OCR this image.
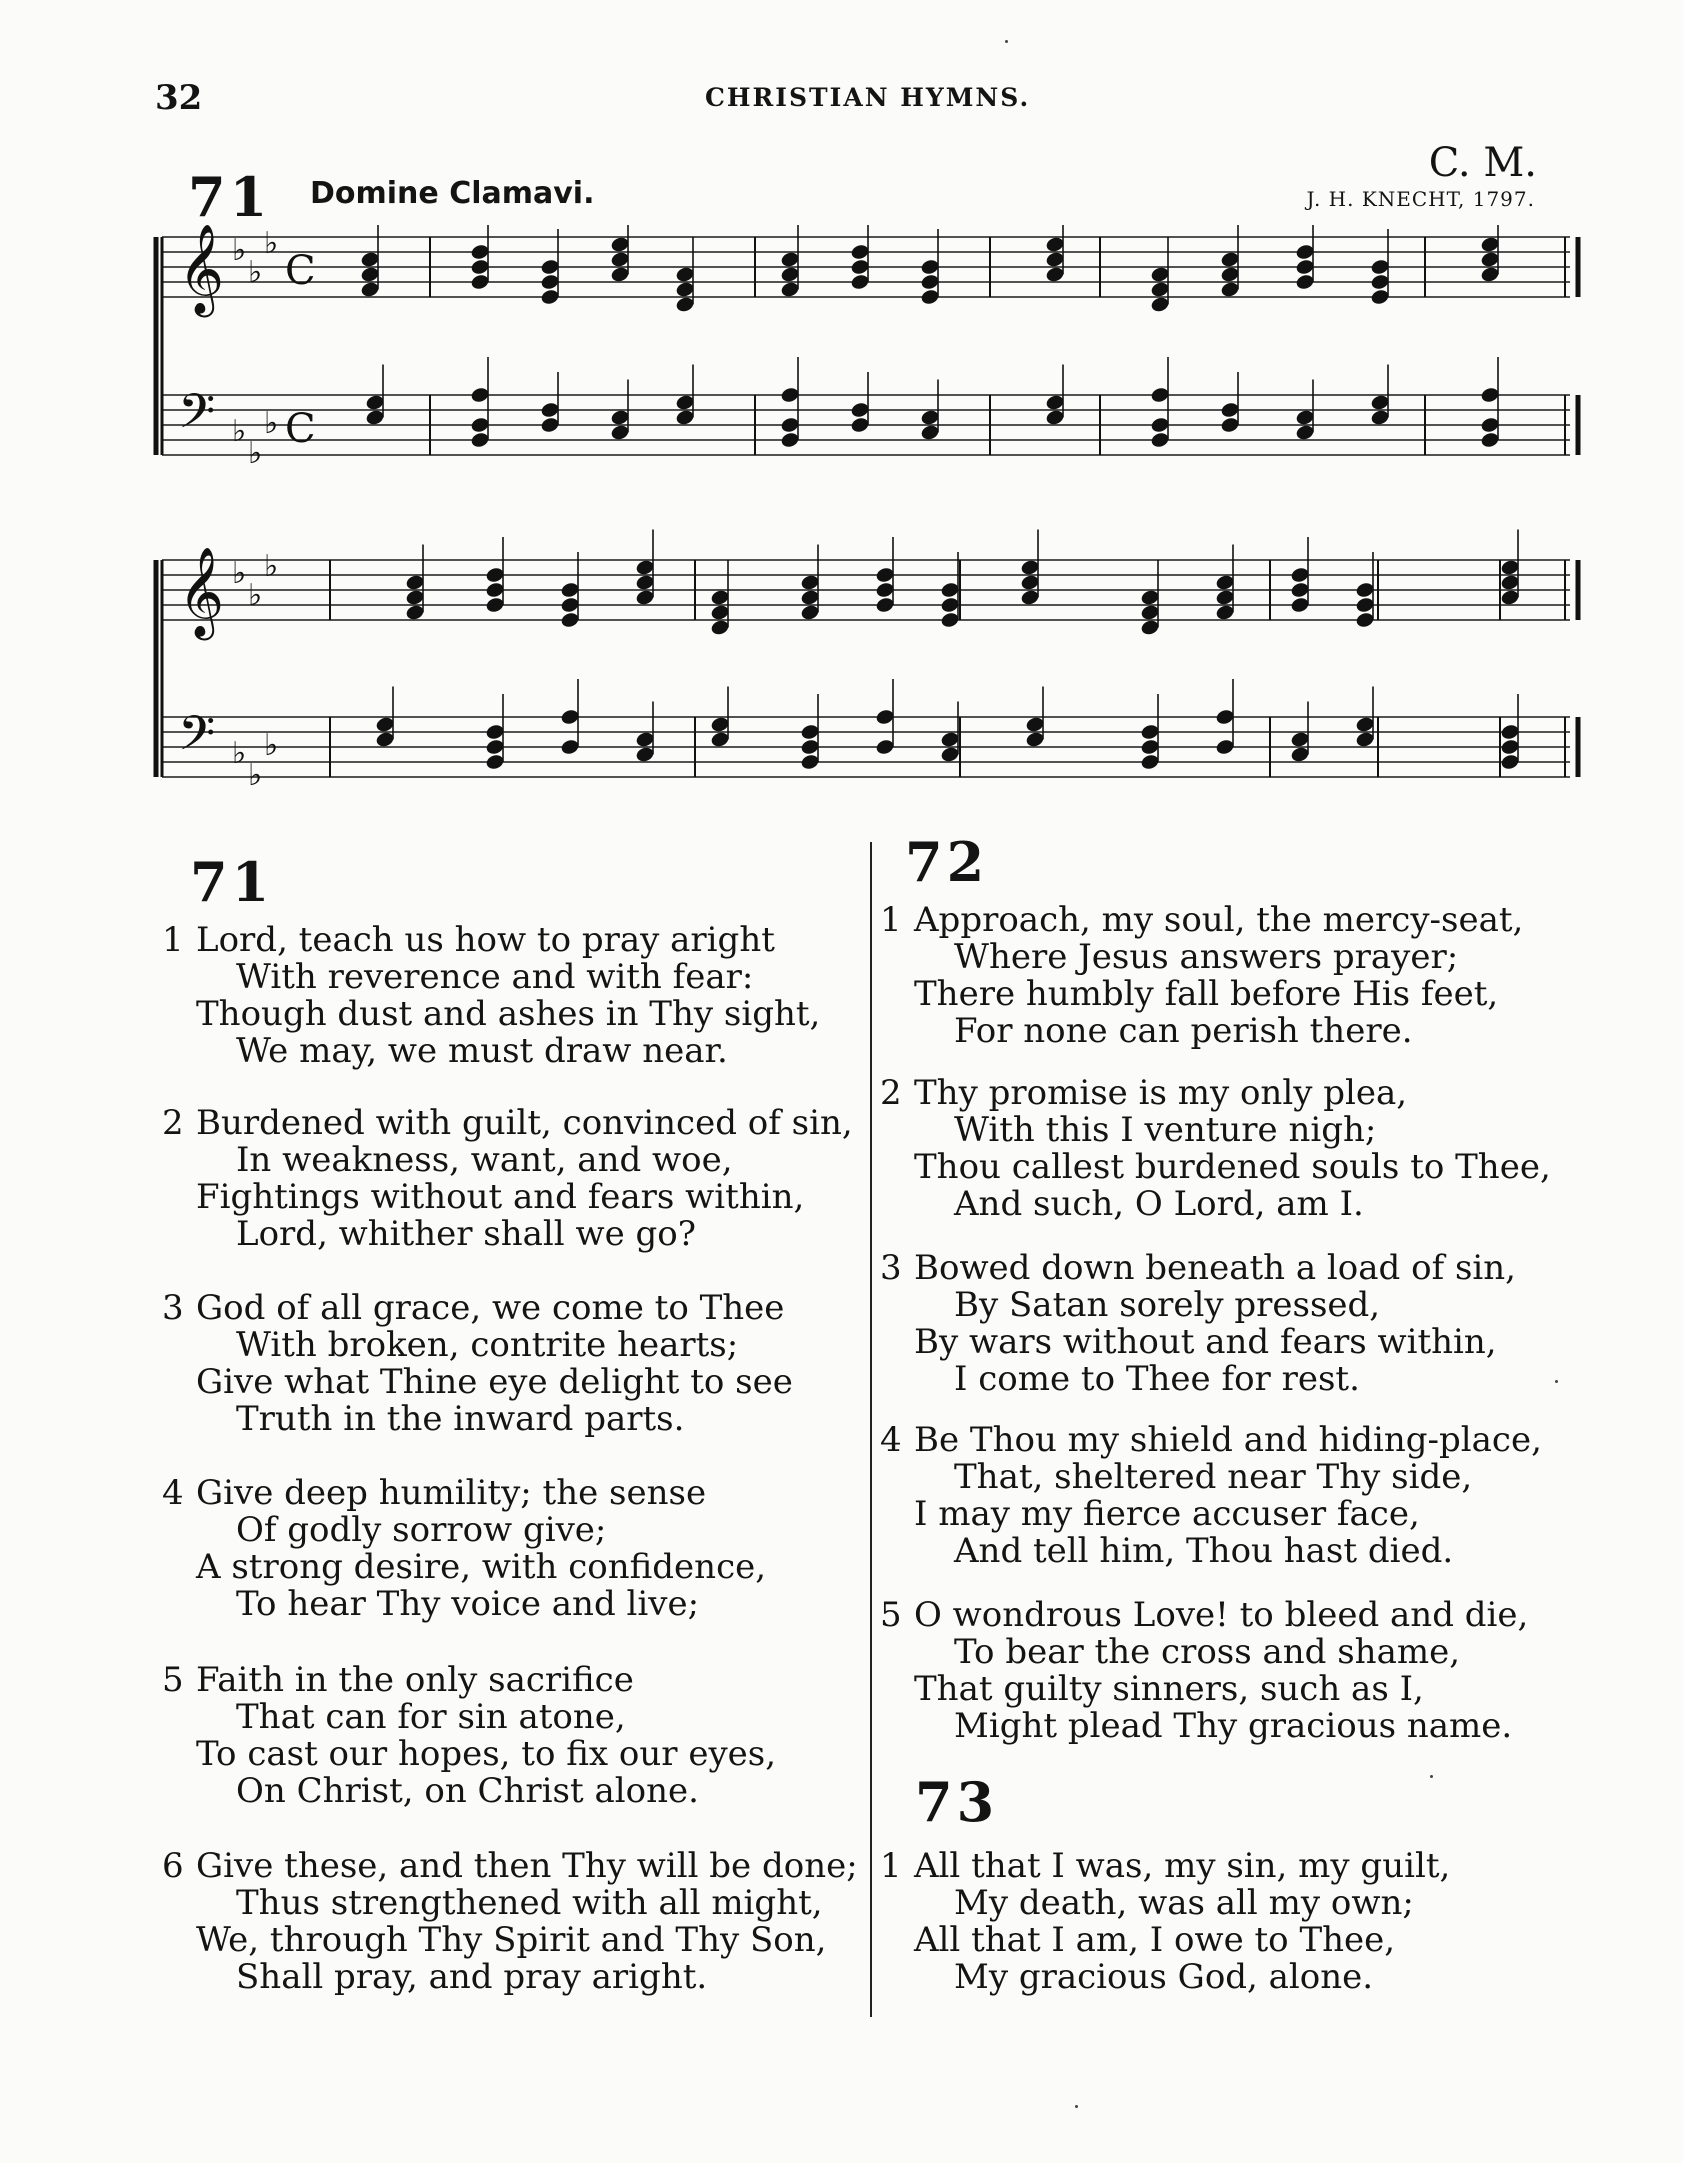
32	CHRISTIAN HYMNS.
71 Domine Clamavi.
C. M.
J. H. KNECHT, 1797.
𝄞 ♭
♭
♭
C
𝄢 ♭
♭
♭ C
𝄞 ♭
♭
♭
𝄢 ♭
♭
♭
71
1 Lord, teach us how to pray aright
With reverence and with fear:
Though dust and ashes in Thy sight,
We may, we must draw near.
2 Burdened with guilt, convinced of sin,
In weakness, want, and woe,
Fightings without and fears within,
Lord, whither shall we go?
3 God of all grace, we come to Thee
With broken, contrite hearts;
Give what Thine eye delight to see
Truth in the inward parts.
4 Give deep humility; the sense
Of godly sorrow give;
A strong desire, with confidence,
To hear Thy voice and live;
5 Faith in the only sacrifice
That can for sin atone,
To cast our hopes, to fix our eyes,
On Christ, on Christ alone.
6 Give these, and then Thy will be done;
Thus strengthened with all might,
We, through Thy Spirit and Thy Son,
Shall pray, and pray aright.
72
1 Approach, my soul, the mercy-seat,
Where Jesus answers prayer;
There humbly fall before His feet,
For none can perish there.
2 Thy promise is my only plea,
With this I venture nigh;
Thou callest burdened souls to Thee,
And such, O Lord, am I.
3 Bowed down beneath a load of sin,
By Satan sorely pressed,
By wars without and fears within,
I come to Thee for rest.
4 Be Thou my shield and hiding-place,
That, sheltered near Thy side,
I may my fierce accuser face,
And tell him, Thou hast died.
5 O wondrous Love! to bleed and die,
To bear the cross and shame,
That guilty sinners, such as I,
Might plead Thy gracious name.
73
1 All that I was, my sin, my guilt,
My death, was all my own;
All that I am, I owe to Thee,
My gracious God, alone.
